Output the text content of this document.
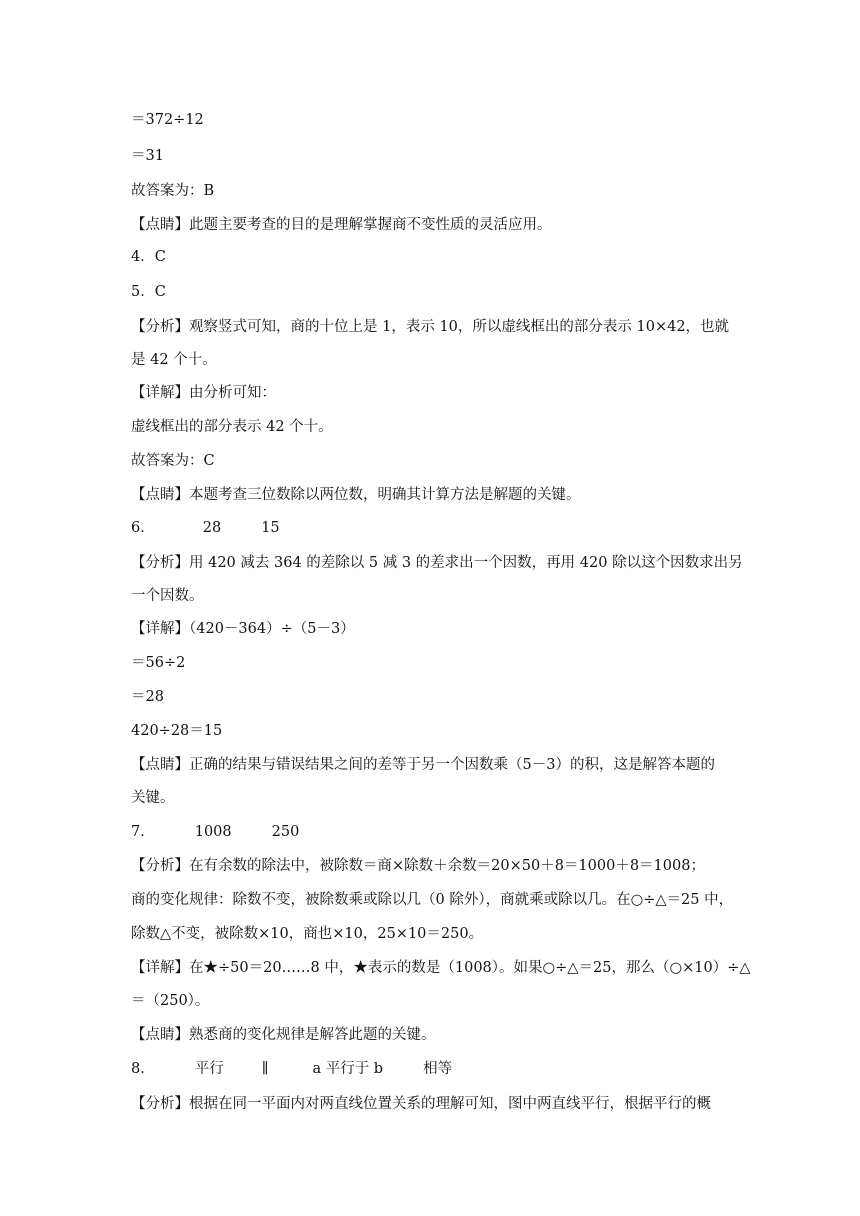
＝372÷12
＝31
故答案为：B
【点睛】此题主要考查的目的是理解掌握商不变性质的灵活应用。
4．C
5．C
【分析】观察竖式可知，商的十位上是 1，表示 10，所以虚线框出的部分表示 10×42，也就
是 42 个十。
【详解】由分析可知：
虚线框出的部分表示 42 个十。
故答案为：C
【点睛】本题考查三位数除以两位数，明确其计算方法是解题的关键。
6．	28	15
【分析】用 420 减去 364 的差除以 5 减 3 的差求出一个因数，再用 420 除以这个因数求出另
一个因数。
【详解】（420－364）÷（5－3）
＝56÷2
＝28
420÷28＝15
【点睛】正确的结果与错误结果之间的差等于另一个因数乘（5－3）的积，这是解答本题的
关键。
7．	1008	250
【分析】在有余数的除法中，被除数＝商×除数＋余数＝20×50＋8＝1000＋8＝1008；
商的变化规律：除数不变，被除数乘或除以几（0 除外），商就乘或除以几。在○÷△＝25 中，
除数△不变，被除数×10，商也×10，25×10＝250。
【详解】在★÷50＝20……8 中，★表示的数是（1008）。如果○÷△＝25，那么（○×10）÷△
＝（250）。
【点睛】熟悉商的变化规律是解答此题的关键。
8．	平行	∥	a 平行于 b	相等
【分析】根据在同一平面内对两直线位置关系的理解可知，图中两直线平行，根据平行的概
